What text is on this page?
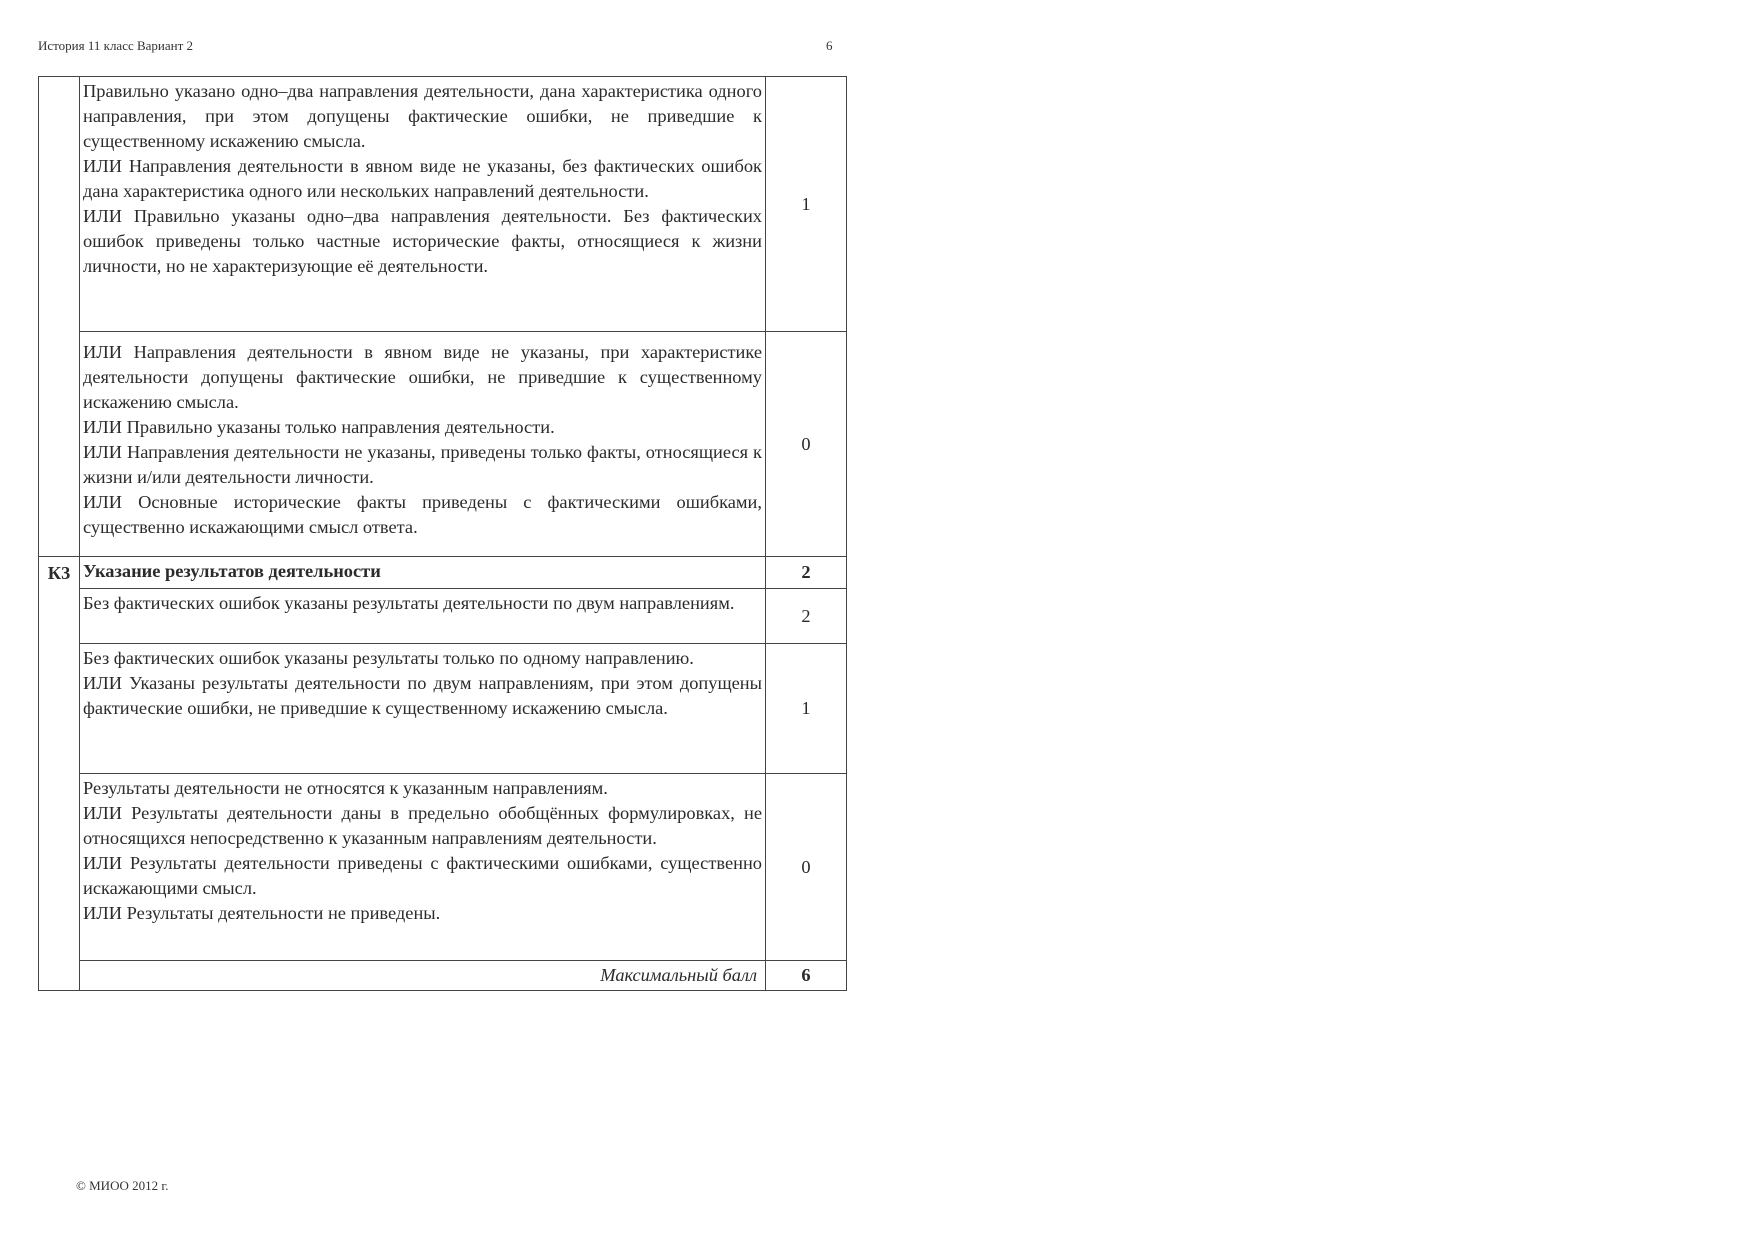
История 11 класс Вариант 2	6

	Правильно указано одно–два направления деятельности, дана характеристика одного направления, при этом допущены фактические ошибки, не приведшие к существенному искажению смысла.
ИЛИ Направления деятельности в явном виде не указаны, без фактических ошибок дана характеристика одного или нескольких направлений деятельности.
ИЛИ Правильно указаны одно–два направления деятельности. Без фактических ошибок приведены только частные исторические факты, относящиеся к жизни личности, но не характеризующие её деятельности.	1

	ИЛИ Направления деятельности в явном виде не указаны, при характеристике деятельности допущены фактические ошибки, не приведшие к существенному искажению смысла.
ИЛИ Правильно указаны только направления деятельности.
ИЛИ Направления деятельности не указаны, приведены только факты, относящиеся к жизни и/или деятельности личности.
ИЛИ Основные исторические факты приведены с фактическими ошибками, существенно искажающими смысл ответа.	0
К3	Указание результатов деятельности	2

	Без фактических ошибок указаны результаты деятельности по двум направлениям.	2

	Без фактических ошибок указаны результаты только по одному направлению.
ИЛИ Указаны результаты деятельности по двум направлениям, при этом допущены фактические ошибки, не приведшие к существенному искажению смысла.	1

	Результаты деятельности не относятся к указанным направлениям.
ИЛИ Результаты деятельности даны в предельно обобщённых формулировках, не относящихся непосредственно к указанным направлениям деятельности.
ИЛИ Результаты деятельности приведены с фактическими ошибками, существенно искажающими смысл.
ИЛИ Результаты деятельности не приведены.	0
	Максимальный балл	6
© МИОО 2012 г.
